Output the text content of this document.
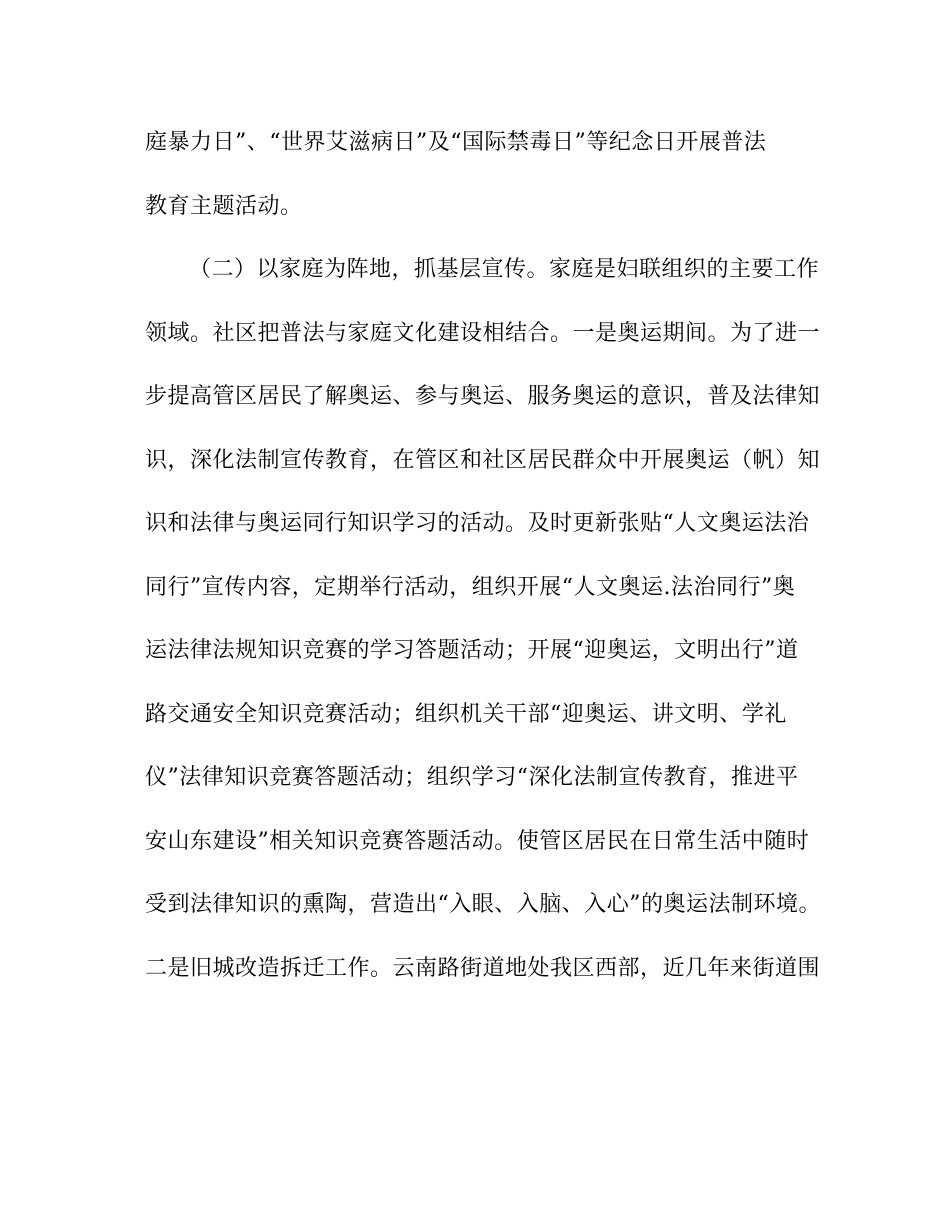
庭暴力日”、“世界艾滋病日”及“国际禁毒日”等纪念日开展普法
教育主题活动。
（二）以家庭为阵地，抓基层宣传。家庭是妇联组织的主要工作
领域。社区把普法与家庭文化建设相结合。一是奥运期间。为了进一
步提高管区居民了解奥运、参与奥运、服务奥运的意识，普及法律知
识，深化法制宣传教育，在管区和社区居民群众中开展奥运（帆）知
识和法律与奥运同行知识学习的活动。及时更新张贴“人文奥运法治
同行”宣传内容，定期举行活动，组织开展“人文奥运.法治同行”奥
运法律法规知识竞赛的学习答题活动；开展“迎奥运，文明出行”道
路交通安全知识竞赛活动；组织机关干部“迎奥运、讲文明、学礼
仪”法律知识竞赛答题活动；组织学习“深化法制宣传教育，推进平
安山东建设”相关知识竞赛答题活动。使管区居民在日常生活中随时
受到法律知识的熏陶，营造出“入眼、入脑、入心”的奥运法制环境。
二是旧城改造拆迁工作。云南路街道地处我区西部，近几年来街道围
